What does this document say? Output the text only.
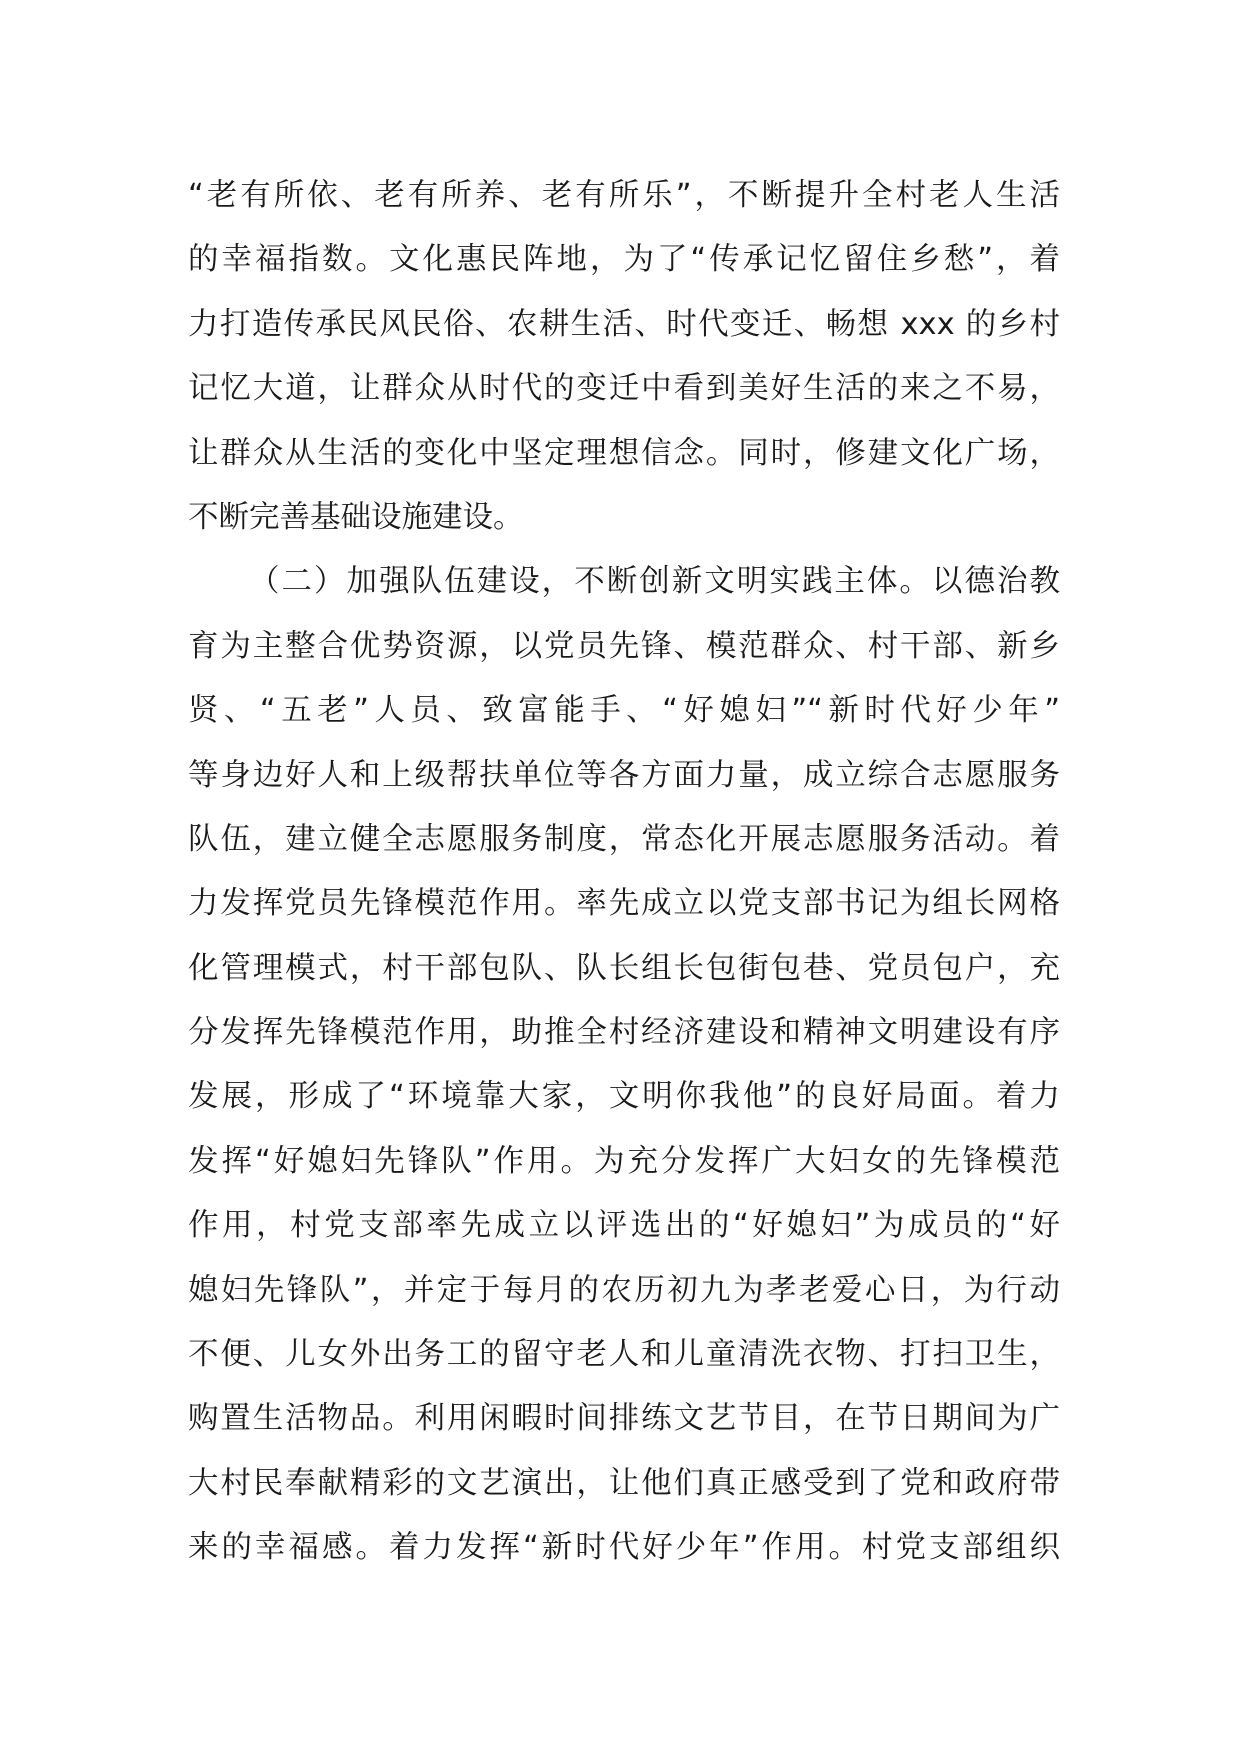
“老有所依、老有所养、老有所乐”，不断提升全村老人生活
的幸福指数。文化惠民阵地，为了“传承记忆留住乡愁”，着
力打造传承民风民俗、农耕生活、时代变迁、畅想 xxx 的乡村
记忆大道，让群众从时代的变迁中看到美好生活的来之不易，
让群众从生活的变化中坚定理想信念。同时，修建文化广场，
不断完善基础设施建设。
（二）加强队伍建设，不断创新文明实践主体。以德治教
育为主整合优势资源，以党员先锋、模范群众、村干部、新乡
贤、“五老”人员、致富能手、“好媳妇”“新时代好少年”
等身边好人和上级帮扶单位等各方面力量，成立综合志愿服务
队伍，建立健全志愿服务制度，常态化开展志愿服务活动。着
力发挥党员先锋模范作用。率先成立以党支部书记为组长网格
化管理模式，村干部包队、队长组长包街包巷、党员包户，充
分发挥先锋模范作用，助推全村经济建设和精神文明建设有序
发展，形成了“环境靠大家，文明你我他”的良好局面。着力
发挥“好媳妇先锋队”作用。为充分发挥广大妇女的先锋模范
作用，村党支部率先成立以评选出的“好媳妇”为成员的“好
媳妇先锋队”，并定于每月的农历初九为孝老爱心日，为行动
不便、儿女外出务工的留守老人和儿童清洗衣物、打扫卫生，
购置生活物品。利用闲暇时间排练文艺节目，在节日期间为广
大村民奉献精彩的文艺演出，让他们真正感受到了党和政府带
来的幸福感。着力发挥“新时代好少年”作用。村党支部组织
